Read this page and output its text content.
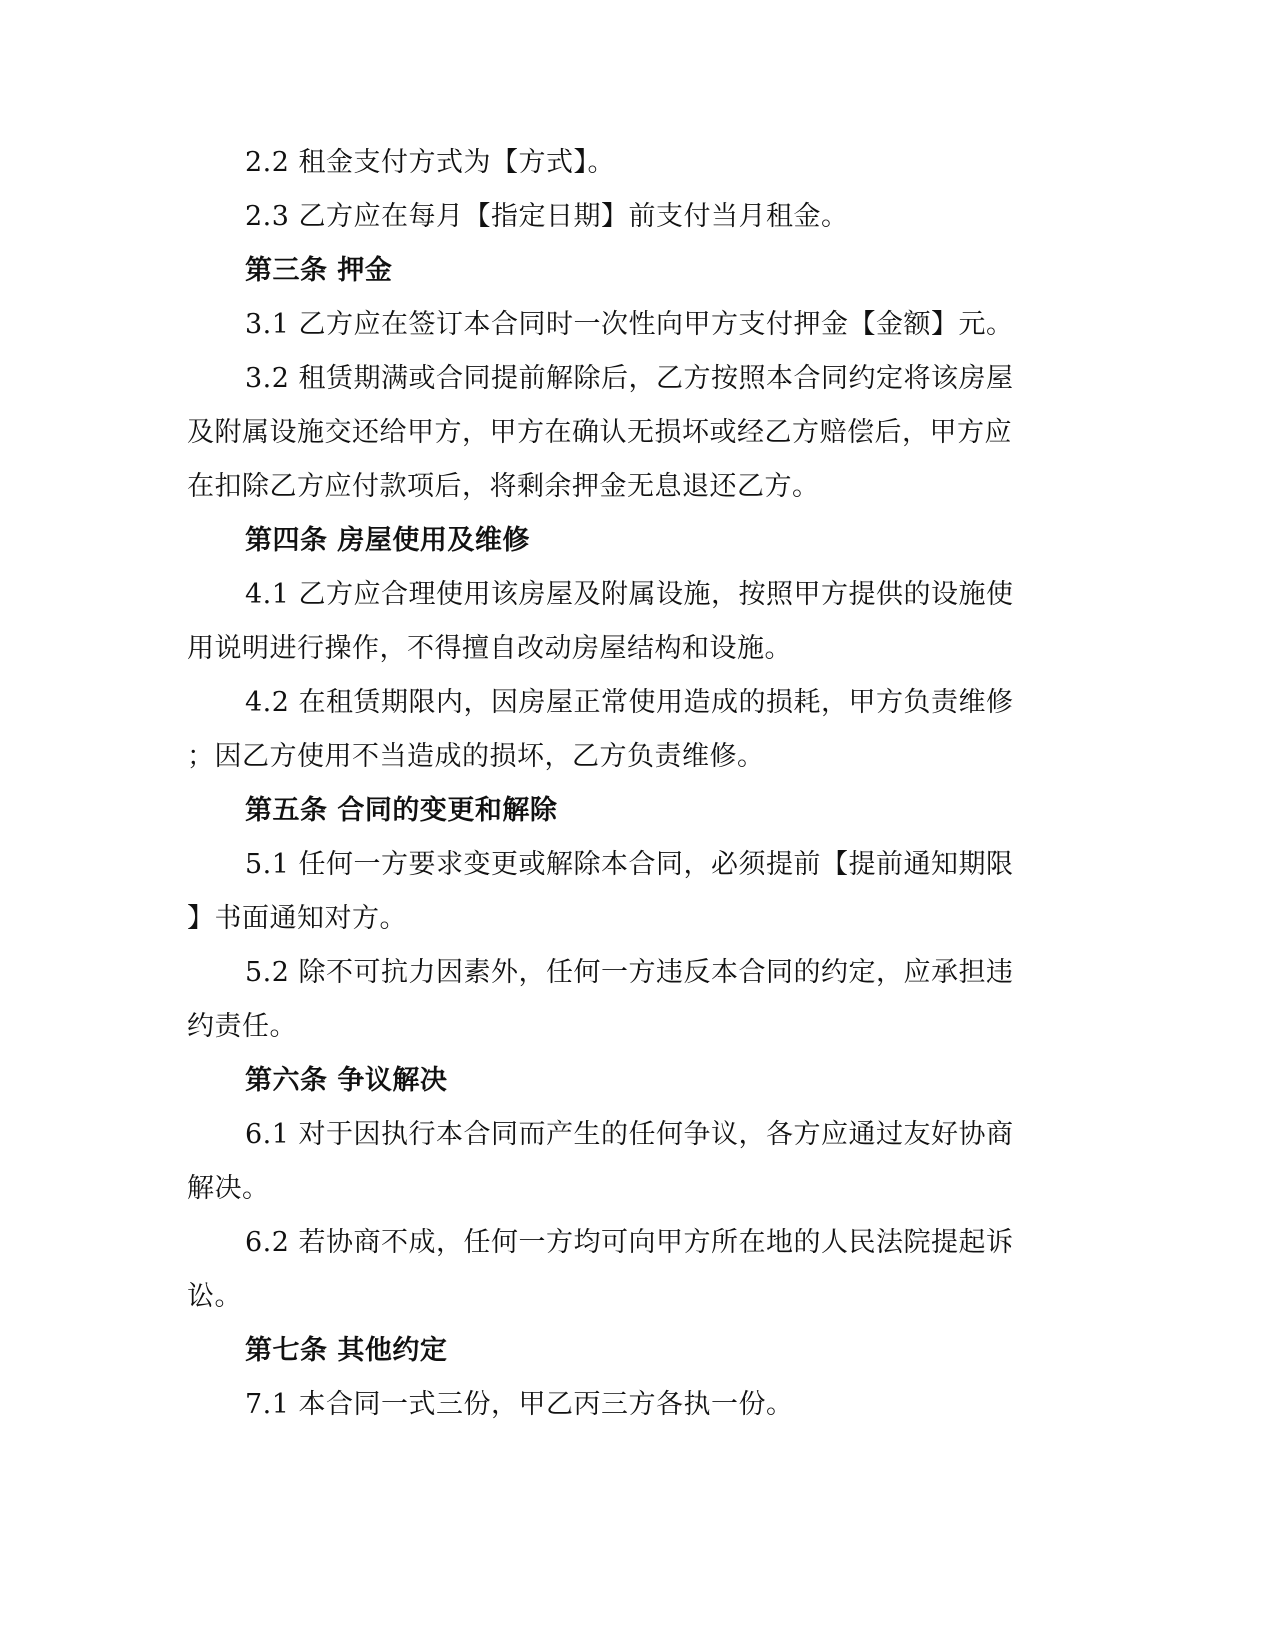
2.2 租金支付方式为【方式】。
2.3 乙方应在每月【指定日期】前支付当月租金。
第三条 押金
3.1 乙方应在签订本合同时一次性向甲方支付押金【金额】元。
3.2 租赁期满或合同提前解除后，乙方按照本合同约定将该房屋
及附属设施交还给甲方，甲方在确认无损坏或经乙方赔偿后，甲方应
在扣除乙方应付款项后，将剩余押金无息退还乙方。
第四条 房屋使用及维修
4.1 乙方应合理使用该房屋及附属设施，按照甲方提供的设施使
用说明进行操作，不得擅自改动房屋结构和设施。
4.2 在租赁期限内，因房屋正常使用造成的损耗，甲方负责维修
；因乙方使用不当造成的损坏，乙方负责维修。
第五条 合同的变更和解除
5.1 任何一方要求变更或解除本合同，必须提前【提前通知期限
】书面通知对方。
5.2 除不可抗力因素外，任何一方违反本合同的约定，应承担违
约责任。
第六条 争议解决
6.1 对于因执行本合同而产生的任何争议，各方应通过友好协商
解决。
6.2 若协商不成，任何一方均可向甲方所在地的人民法院提起诉
讼。
第七条 其他约定
7.1 本合同一式三份，甲乙丙三方各执一份。
